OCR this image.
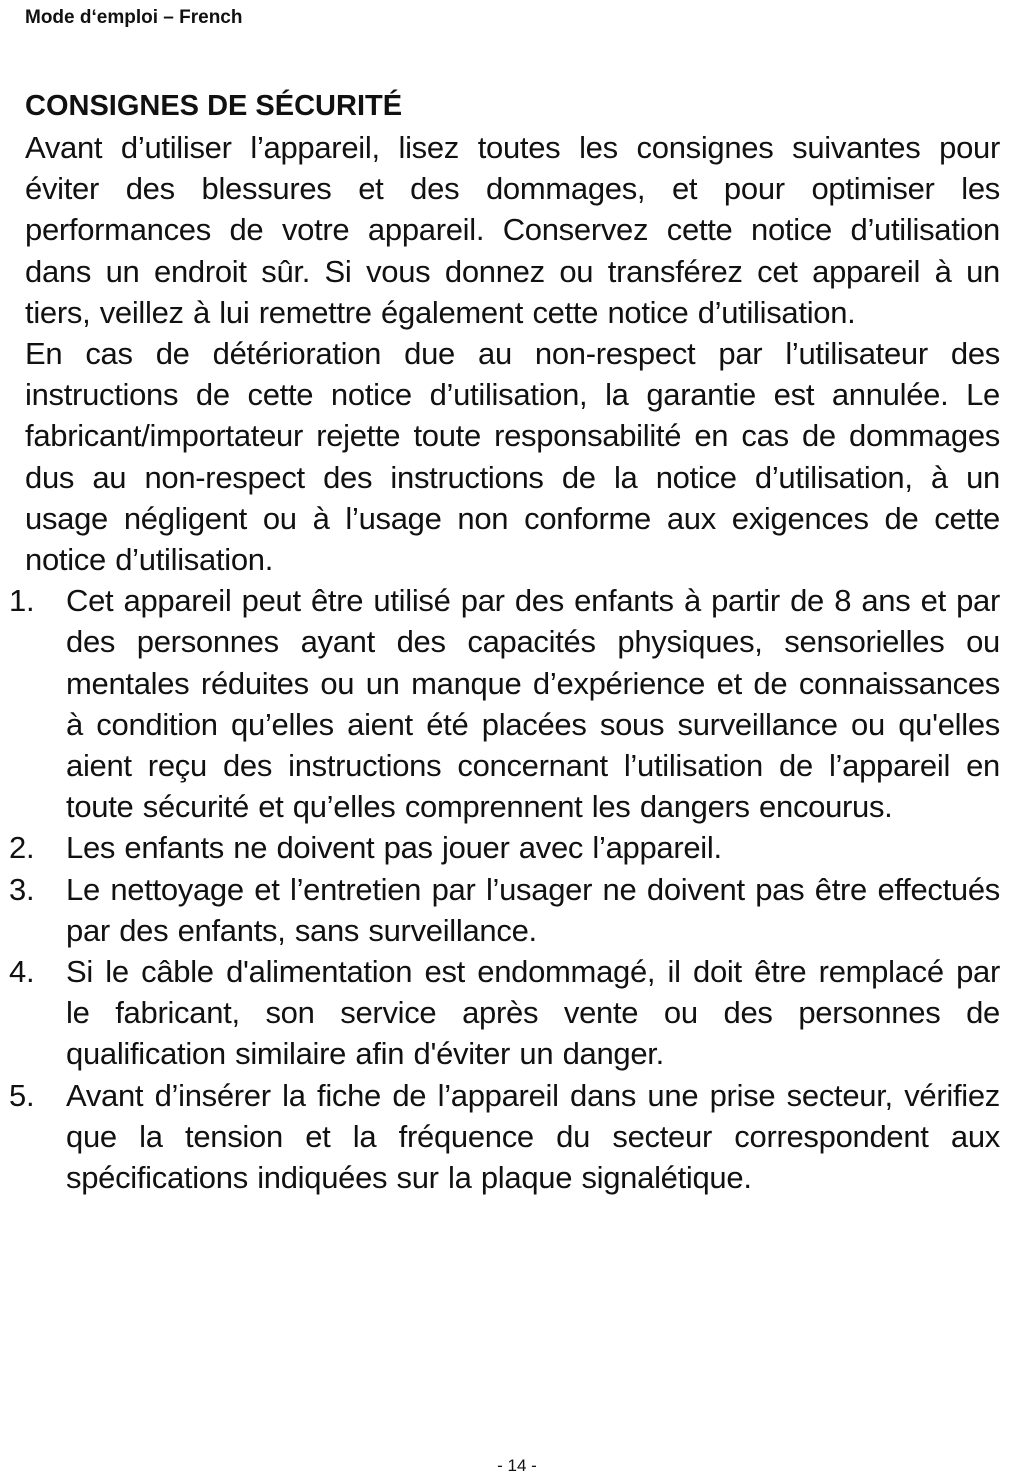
Mode d‘emploi – French
CONSIGNES DE SÉCURITÉ

Avant d’utiliser l’appareil, lisez toutes les consignes suivantes pour éviter des blessures et des dommages, et pour optimiser les performances de votre appareil. Conservez cette notice d’utilisation dans un endroit sûr. Si vous donnez ou transférez cet appareil à un tiers, veillez à lui remettre également cette notice d’utilisation.

En cas de détérioration due au non-respect par l’utilisateur des instructions de cette notice d’utilisation, la garantie est annulée. Le fabricant/importateur rejette toute responsabilité en cas de dommages dus au non-respect des instructions de la notice d’utilisation, à un usage négligent ou à l’usage non conforme aux exigences de cette notice d’utilisation.

1.	Cet appareil peut être utilisé par des enfants à partir de 8 ans et par des personnes ayant des capacités physiques, sensorielles ou mentales réduites ou un manque d’expérience et de connaissances à condition qu’elles aient été placées sous surveillance ou qu'elles aient reçu des instructions concernant l’utilisation de l’appareil en toute sécurité et qu’elles comprennent les dangers encourus.
2.	Les enfants ne doivent pas jouer avec l’appareil.
3.	Le nettoyage et l’entretien par l’usager ne doivent pas être effectués par des enfants, sans surveillance.
4.	Si le câble d'alimentation est endommagé, il doit être remplacé par le fabricant, son service après vente ou des personnes de qualification similaire afin d'éviter un danger.
5.	Avant d’insérer la fiche de l’appareil dans une prise secteur, vérifiez que la tension et la fréquence du secteur correspondent aux spécifications indiquées sur la plaque signalétique.
- 14 -
